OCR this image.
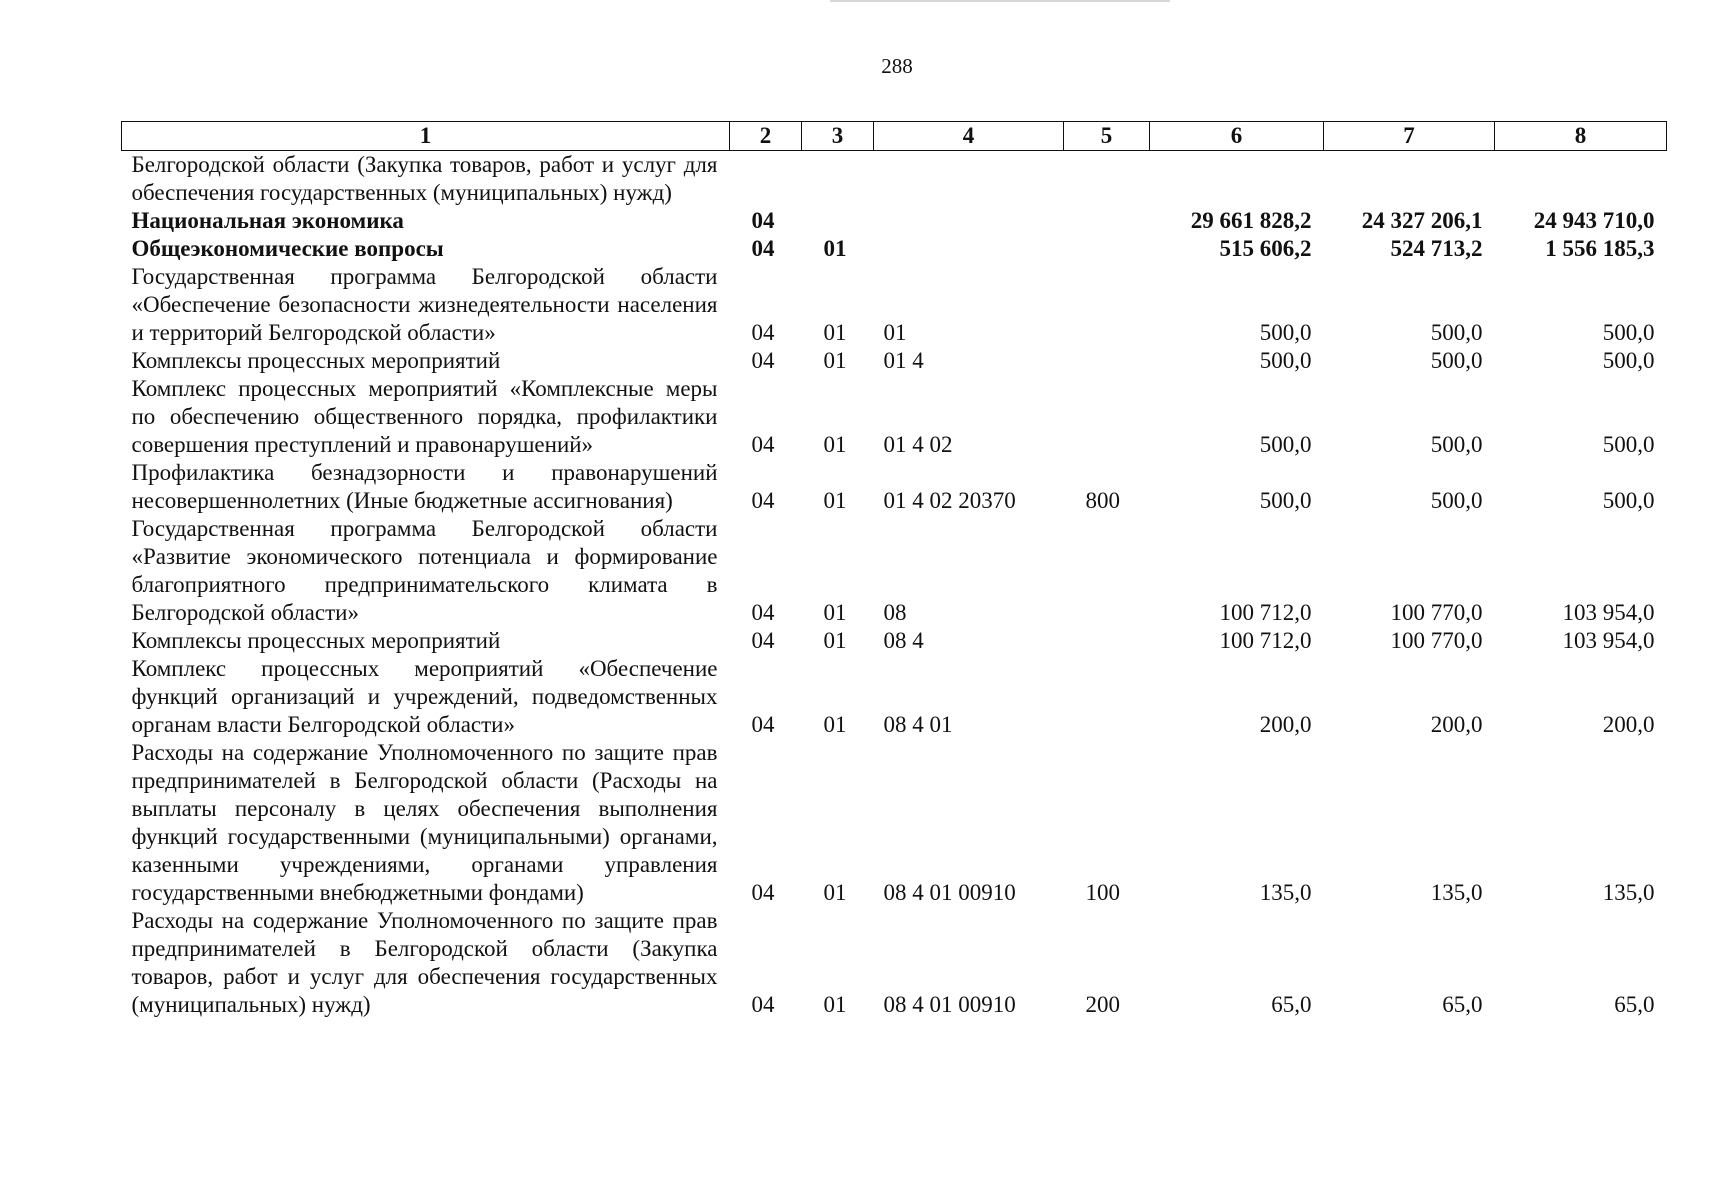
288
1	2	3	4	5	6	7	8
Белгородской области (Закупка товаров, работ и услуг для обеспечения государственных (муниципальных) нужд)							
Национальная экономика	04				29 661 828,2	24 327 206,1	24 943 710,0
Общеэкономические вопросы	04	01			515 606,2	524 713,2	1 556 185,3
Государственная программа Белгородской области «Обеспечение безопасности жизнедеятельности населения и территорий Белгородской области»	04	01	01		500,0	500,0	500,0
Комплексы процессных мероприятий	04	01	01 4		500,0	500,0	500,0
Комплекс процессных мероприятий «Комплексные меры по обеспечению общественного порядка, профилактики совершения преступлений и правонарушений»	04	01	01 4 02		500,0	500,0	500,0
Профилактика безнадзорности и правонарушений несовершеннолетних (Иные бюджетные ассигнования)	04	01	01 4 02 20370	800	500,0	500,0	500,0
Государственная программа Белгородской области «Развитие экономического потенциала и формирование благоприятного предпринимательского климата в Белгородской области»	04	01	08		100 712,0	100 770,0	103 954,0
Комплексы процессных мероприятий	04	01	08 4		100 712,0	100 770,0	103 954,0
Комплекс процессных мероприятий «Обеспечение функций организаций и учреждений, подведомственных органам власти Белгородской области»	04	01	08 4 01		200,0	200,0	200,0
Расходы на содержание Уполномоченного по защите прав предпринимателей в Белгородской области (Расходы на выплаты персоналу в целях обеспечения выполнения функций государственными (муниципальными) органами, казенными учреждениями, органами управления государственными внебюджетными фондами)	04	01	08 4 01 00910	100	135,0	135,0	135,0
Расходы на содержание Уполномоченного по защите прав предпринимателей в Белгородской области (Закупка товаров, работ и услуг для обеспечения государственных (муниципальных) нужд)	04	01	08 4 01 00910	200	65,0	65,0	65,0
